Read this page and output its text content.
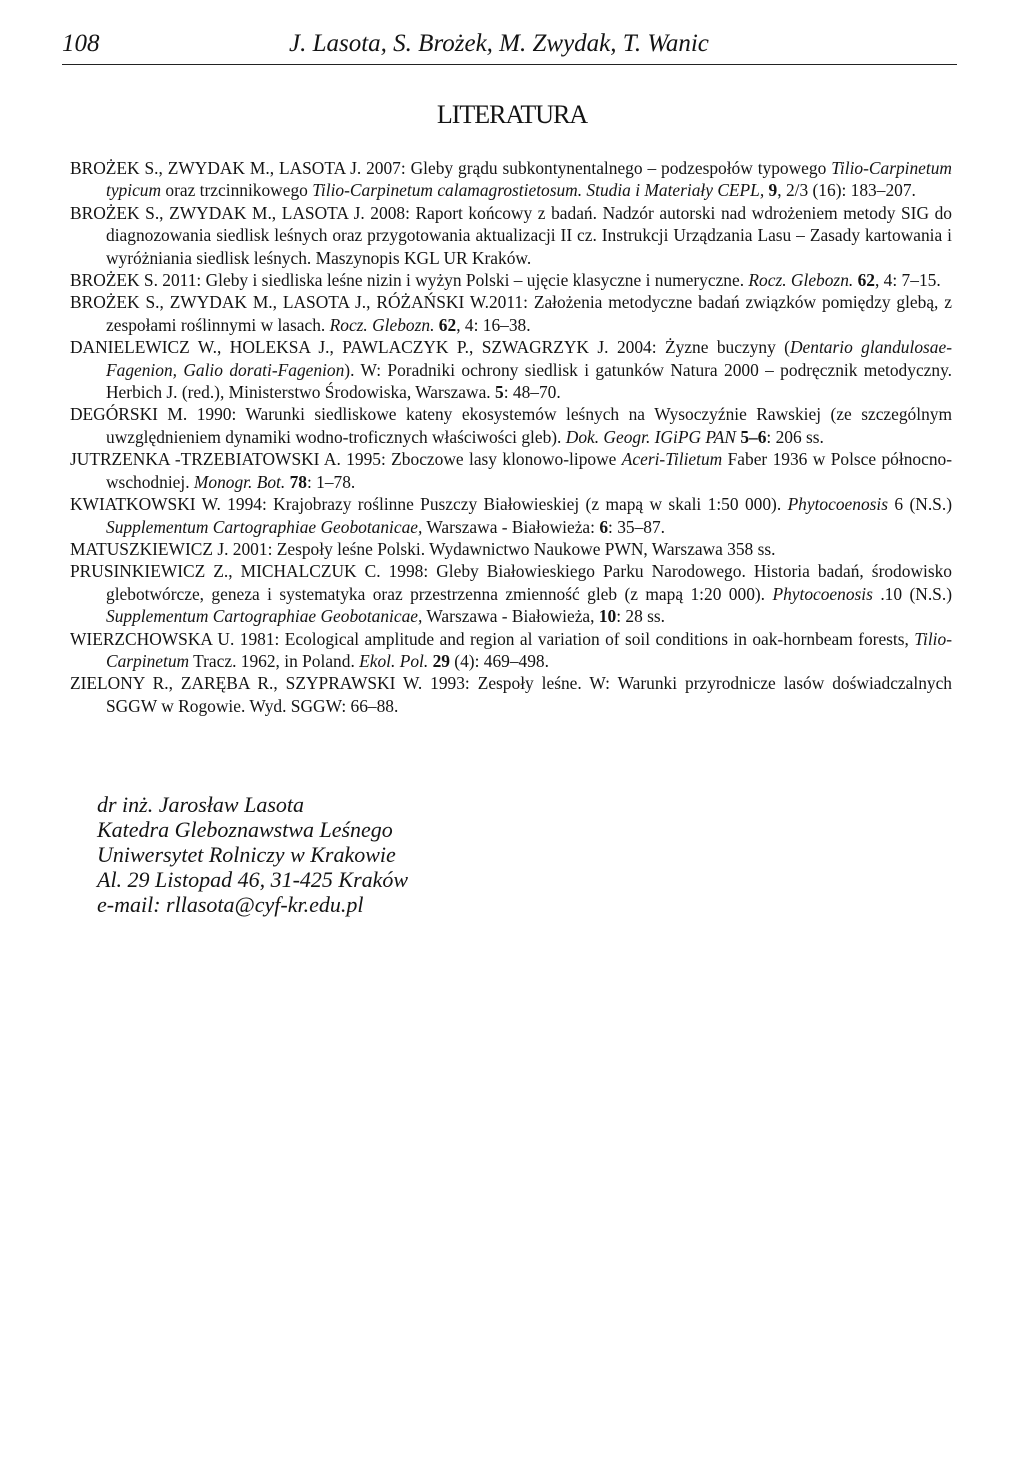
108	J. Lasota, S. Brożek, M. Zwydak, T. Wanic
LITERATURA

BROŻEK S., ZWYDAK M., LASOTA J. 2007: Gleby grądu subkontynentalnego – podzespołów typowego Tilio-Carpinetum typicum oraz trzcinnikowego Tilio-Carpinetum calamagrostietosum. Studia i Materiały CEPL, 9, 2/3 (16): 183–207.

BROŻEK S., ZWYDAK M., LASOTA J. 2008: Raport końcowy z badań. Nadzór autorski nad wdrożeniem metody SIG do diagnozowania siedlisk leśnych oraz przygotowania aktualizacji II cz. Instrukcji Urządzania Lasu – Zasady kartowania i wyróżniania siedlisk leśnych. Maszynopis KGL UR Kraków.

BROŻEK S. 2011: Gleby i siedliska leśne nizin i wyżyn Polski – ujęcie klasyczne i numeryczne. Rocz. Glebozn. 62, 4: 7–15.

BROŻEK S., ZWYDAK M., LASOTA J., RÓŻAŃSKI W.2011: Założenia metodyczne badań związków pomiędzy glebą, z zespołami roślinnymi w lasach. Rocz. Glebozn. 62, 4: 16–38.

DANIELEWICZ W., HOLEKSA J., PAWLACZYK P., SZWAGRZYK J. 2004: Żyzne buczyny (Dentario glandulosae-Fagenion, Galio dorati-Fagenion). W: Poradniki ochrony siedlisk i gatunków Natura 2000 – podręcznik metodyczny. Herbich J. (red.), Ministerstwo Środowiska, Warszawa. 5: 48–70.

DEGÓRSKI M. 1990: Warunki siedliskowe kateny ekosystemów leśnych na Wysoczyźnie Rawskiej (ze szczególnym uwzględnieniem dynamiki wodno-troficznych właściwości gleb). Dok. Geogr. IGiPG PAN 5–6: 206 ss.

JUTRZENKA -TRZEBIATOWSKI A. 1995: Zboczowe lasy klonowo-lipowe Aceri-Tilietum Faber 1936 w Polsce północno-wschodniej. Monogr. Bot. 78: 1–78.

KWIATKOWSKI W. 1994: Krajobrazy roślinne Puszczy Białowieskiej (z mapą w skali 1:50 000). Phytocoenosis 6 (N.S.) Supplementum Cartographiae Geobotanicae, Warszawa - Białowieża: 6: 35–87.

MATUSZKIEWICZ J. 2001: Zespoły leśne Polski. Wydawnictwo Naukowe PWN, Warszawa 358 ss.

PRUSINKIEWICZ Z., MICHALCZUK C. 1998: Gleby Białowieskiego Parku Narodowego. Historia badań, środowisko glebotwórcze, geneza i systematyka oraz przestrzenna zmienność gleb (z mapą 1:20 000). Phytocoenosis .10 (N.S.) Supplementum Cartographiae Geobotanicae, Warszawa - Białowieża, 10: 28 ss.

WIERZCHOWSKA U. 1981: Ecological amplitude and region al variation of soil conditions in oak-hornbeam forests, Tilio-Carpinetum Tracz. 1962, in Poland. Ekol. Pol. 29 (4): 469–498.

ZIELONY R., ZARĘBA R., SZYPRAWSKI W. 1993: Zespoły leśne. W: Warunki przyrodnicze lasów doświadczalnych SGGW w Rogowie. Wyd. SGGW: 66–88.

dr inż. Jarosław Lasota
Katedra Gleboznawstwa Leśnego
Uniwersytet Rolniczy w Krakowie
Al. 29 Listopad 46, 31-425 Kraków
e-mail: rllasota@cyf-kr.edu.pl
